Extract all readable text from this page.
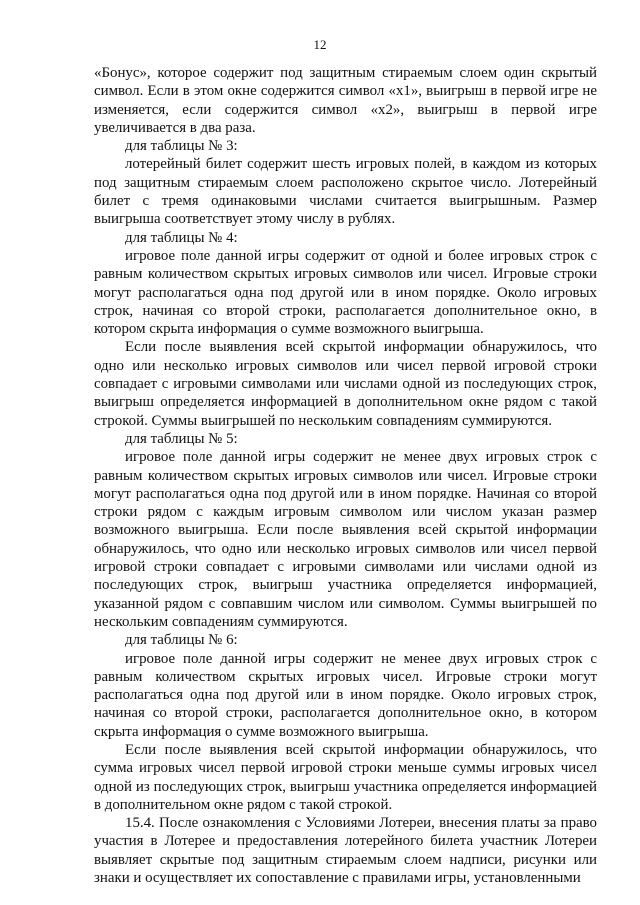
12

«Бонус», которое содержит под защитным стираемым слоем один скрытый символ. Если в этом окне содержится символ «x1», выигрыш в первой игре не изменяется, если содержится символ «x2», выигрыш в первой игре увеличивается в два раза.

для таблицы № 3:

лотерейный билет содержит шесть игровых полей, в каждом из которых под защитным стираемым слоем расположено скрытое число. Лотерейный билет с тремя одинаковыми числами считается выигрышным. Размер выигрыша соответствует этому числу в рублях.

для таблицы № 4:

игровое поле данной игры содержит от одной и более игровых строк с равным количеством скрытых игровых символов или чисел. Игровые строки могут располагаться одна под другой или в ином порядке. Около игровых строк, начиная со второй строки, располагается дополнительное окно, в котором скрыта информация о сумме возможного выигрыша.

Если после выявления всей скрытой информации обнаружилось, что одно или несколько игровых символов или чисел первой игровой строки совпадает с игровыми символами или числами одной из последующих строк, выигрыш определяется информацией в дополнительном окне рядом с такой строкой. Суммы выигрышей по нескольким совпадениям суммируются.

для таблицы № 5:

игровое поле данной игры содержит не менее двух игровых строк с равным количеством скрытых игровых символов или чисел. Игровые строки могут располагаться одна под другой или в ином порядке. Начиная со второй строки рядом с каждым игровым символом или числом указан размер возможного выигрыша. Если после выявления всей скрытой информации обнаружилось, что одно или несколько игровых символов или чисел первой игровой строки совпадает с игровыми символами или числами одной из последующих строк, выигрыш участника определяется информацией, указанной рядом с совпавшим числом или символом. Суммы выигрышей по нескольким совпадениям суммируются.

для таблицы № 6:

игровое поле данной игры содержит не менее двух игровых строк с равным количеством скрытых игровых чисел. Игровые строки могут располагаться одна под другой или в ином порядке. Около игровых строк, начиная со второй строки, располагается дополнительное окно, в котором скрыта информация о сумме возможного выигрыша.

Если после выявления всей скрытой информации обнаружилось, что сумма игровых чисел первой игровой строки меньше суммы игровых чисел одной из последующих строк, выигрыш участника определяется информацией в дополнительном окне рядом с такой строкой.

15.4. После ознакомления с Условиями Лотереи, внесения платы за право участия в Лотерее и предоставления лотерейного билета участник Лотереи выявляет скрытые под защитным стираемым слоем надписи, рисунки или знаки и осуществляет их сопоставление с правилами игры, установленными
